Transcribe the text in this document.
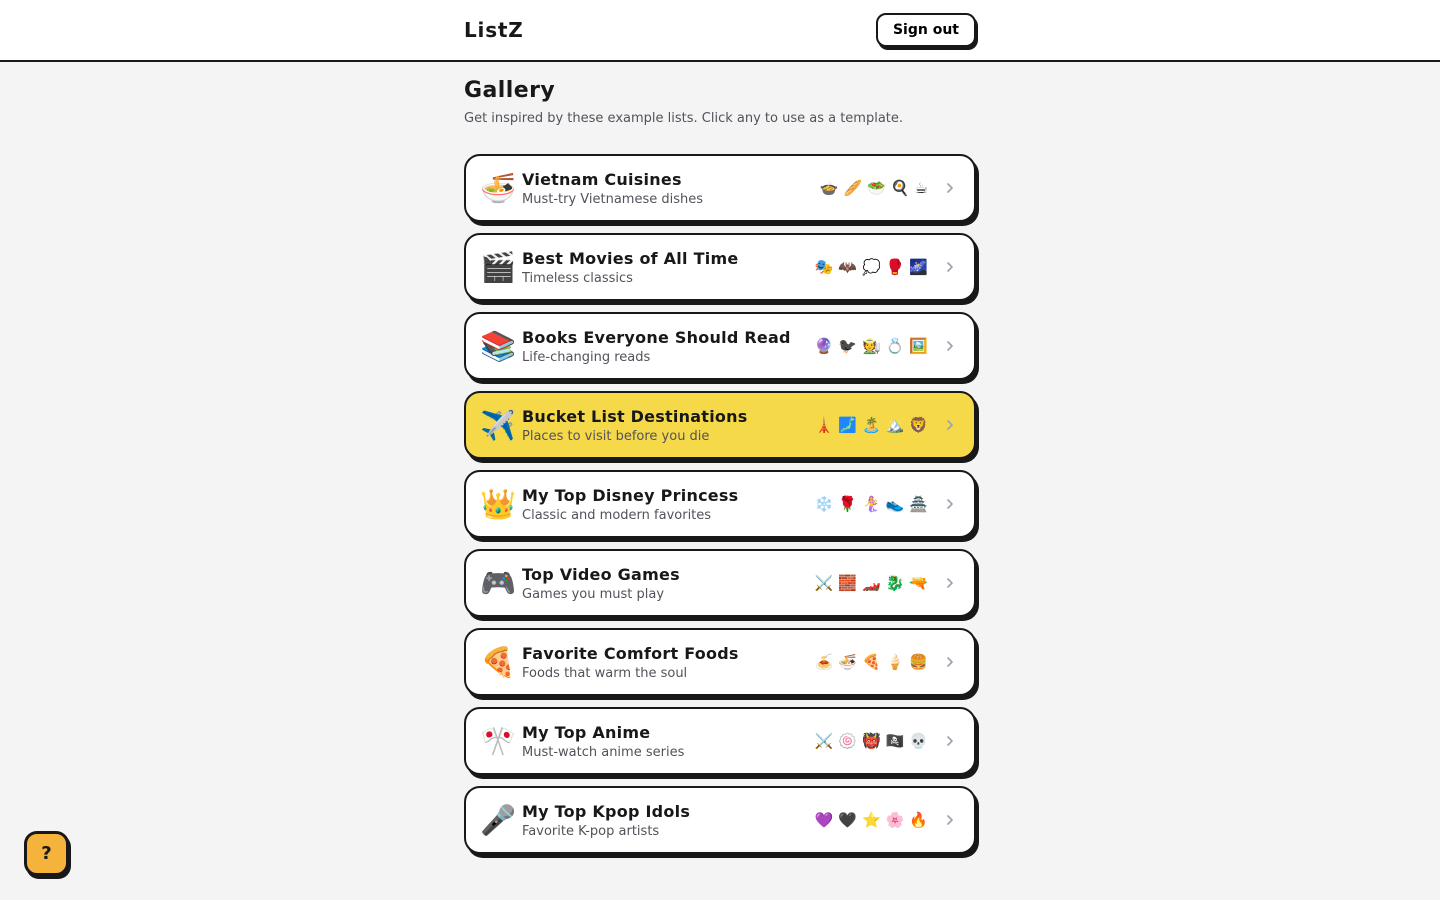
ListZ	Sign out
Gallery

Get inspired by these example lists. Click any to use as a template.

🍜 Vietnam Cuisines
Must-try Vietnamese dishes
🍲 🥖 🥗 🍳 ☕
🎬 Best Movies of All Time
Timeless classics
🎭 🦇 💭 🥊 🌌
📚 Books Everyone Should Read
Life-changing reads
🔮 🐦‍⬛ 🧑‍🌾 💍 🖼️
✈️ Bucket List Destinations
Places to visit before you die
🗼 🗾 🏝️ 🏔️ 🦁
👑 My Top Disney Princess
Classic and modern favorites
❄️ 🌹 🧜‍♀️ 👟 🏯
🎮 Top Video Games
Games you must play
⚔️ 🧱 🏎️ 🐉 🔫
🍕 Favorite Comfort Foods
Foods that warm the soul
🍝 🍜 🍕 🍦 🍔
🎌 My Top Anime
Must-watch anime series
⚔️ 🍥 👹 🏴‍☠️ 💀
🎤 My Top Kpop Idols
Favorite K-pop artists
💜 🖤 ⭐ 🌸 🔥
?
